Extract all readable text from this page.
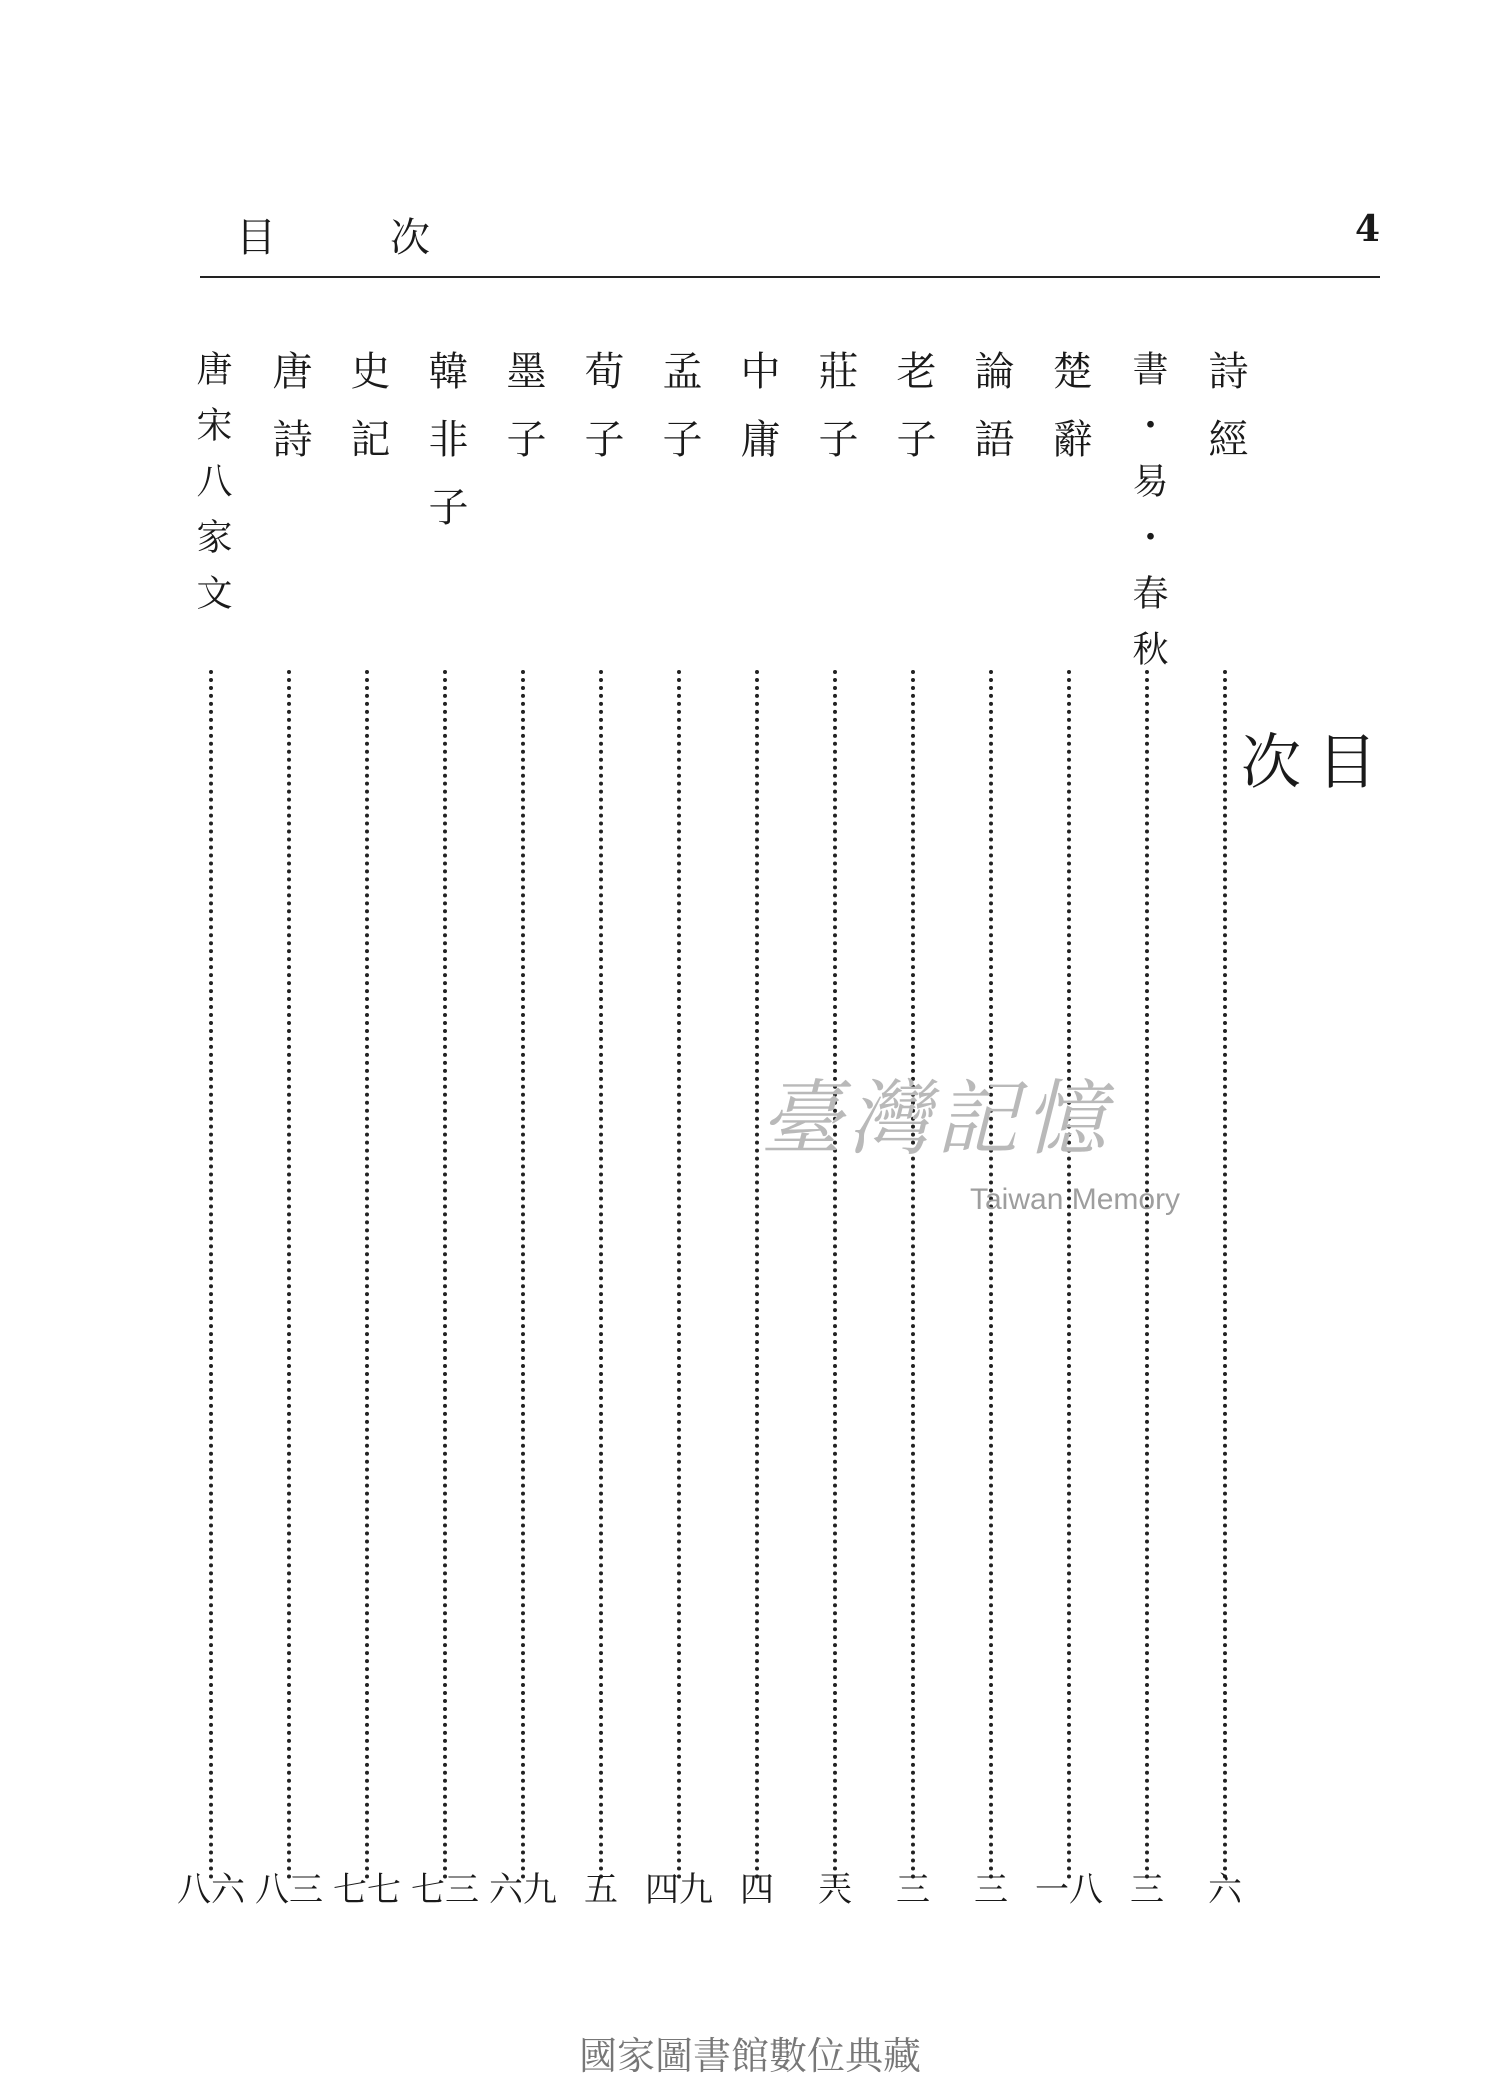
目	次	4
目
次
詩經
六
書・易・春秋
三
楚辭
一八
論語
三
老子
三
莊子
兲
中庸
四
孟子
四九
荀子
五
墨子
六九
韓非子
七三
史記
七七
唐詩
八三
唐宋八家文
八六
臺灣記憶
Taiwan Memory
國家圖書館數位典藏
